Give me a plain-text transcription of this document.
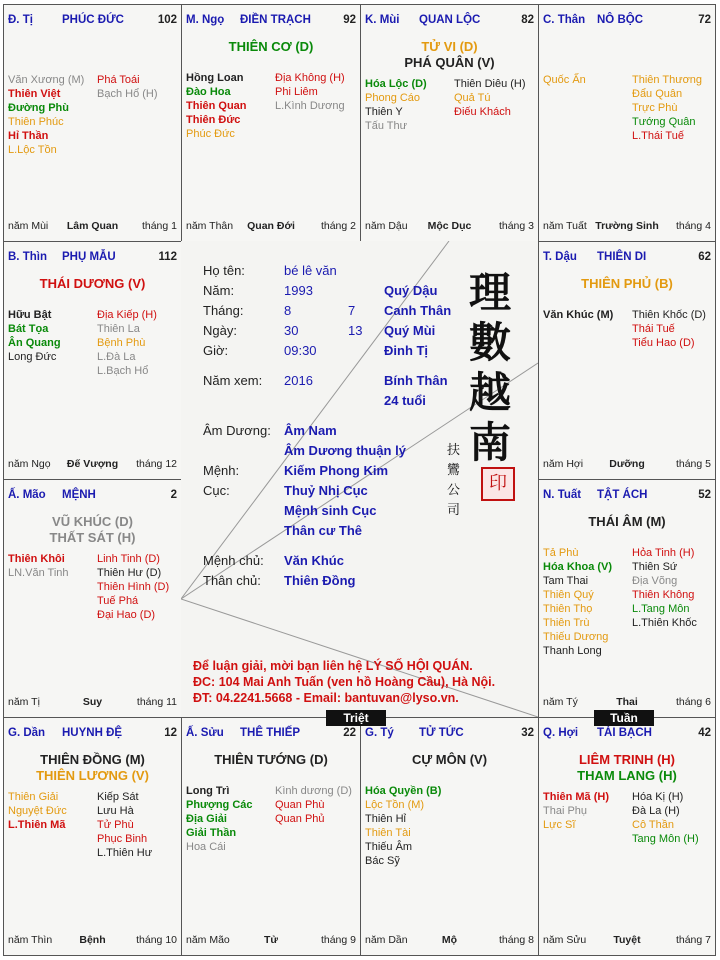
Đ. Tị	PHÚC ĐỨC	102
Văn Xương (M)
Thiên Việt
Đường Phù
Thiên Phúc
Hỉ Thần
L.Lộc Tồn
Phá Toái
Bạch Hổ (H)
năm Mùi	Lâm Quan	tháng 1
M. Ngọ ĐIỀN TRẠCH	92
THIÊN CƠ (D)
Hồng Loan
Đào Hoa
Thiên Quan
Thiên Đức
Phúc Đức
Địa Không (H)
Phi Liêm
L.Kình Dương
năm Thân	Quan Đới	tháng 2
K. Mùi QUAN LỘC	82
TỬ VI (D)
PHÁ QUÂN (V)
Hóa Lộc (D)
Phong Cáo
Thiên Y
Tấu Thư
Thiên Diêu (H)
Quả Tú
Điếu Khách
năm Dậu	Mộc Dục	tháng 3
C. Thân NÔ BỘC	72
Quốc Ấn	Thiên Thương
Đẩu Quân
Trực Phù
Tướng Quân
L.Thái Tuế
năm Tuất Trường Sinh	tháng 4
B. Thìn PHỤ MẪU	112
THÁI DƯƠNG (V)
Hữu Bật
Bát Tọa
Ân Quang
Long Đức
Địa Kiếp (H)
Thiên La
Bệnh Phù
L.Đà La
L.Bạch Hổ
năm Ngọ	Đế Vượng	tháng 12
T. Dậu THIÊN DI	62
THIÊN PHỦ (B)
Văn Khúc (M) Thiên Khốc (D)
Thái Tuế
Tiểu Hao (D)
năm Hợi	Dưỡng	tháng 5
Ấ. Mão MỆNH	2
VŨ KHÚC (D)
THẤT SÁT (H)
Thiên Khôi
LN.Văn Tinh
Linh Tinh (D)
Thiên Hư (D)
Thiên Hình (D)
Tuế Phá
Đại Hao (D)
năm Tị	Suy	tháng 11
N. Tuất TẬT ÁCH	52
THÁI ÂM (M)
Tả Phù
Hóa Khoa (V)
Tam Thai
Thiên Quý
Thiên Thọ
Thiên Trù
Thiếu Dương
Thanh Long
Hỏa Tinh (H)
Thiên Sứ
Địa Võng
Thiên Không
L.Tang Môn
L.Thiên Khốc
năm Tý	Thai	tháng 6
G. Dần HUYNH ĐỆ	12
THIÊN ĐỒNG (M)
THIÊN LƯƠNG (V)
Thiên Giải
Nguyệt Đức
L.Thiên Mã
Kiếp Sát
Lưu Hà
Tử Phù
Phục Binh
L.Thiên Hư
năm Thìn	Bệnh	tháng 10
Ấ. Sửu THÊ THIẾP	22
THIÊN TƯỚNG (D)
Long Trì
Phượng Các
Địa Giải
Giải Thần
Hoa Cái
Kình dương (D)
Quan Phù
Quan Phủ
năm Mão	Tử	tháng 9
G. Tý TỬ TỨC	32
CỰ MÔN (V)
Hóa Quyền (B)
Lộc Tồn (M)
Thiên Hỉ
Thiên Tài
Thiếu Âm
Bác Sỹ
năm Dần	Mộ	tháng 8
Q. Hợi TÀI BẠCH	42
LIÊM TRINH (H)
THAM LANG (H)
Thiên Mã (H)
Thai Phụ
Lực Sĩ
Hóa Kị (H)
Đà La (H)
Cô Thần
Tang Môn (H)
năm Sửu	Tuyệt	tháng 7
Họ tên:	bé lê văn
Năm:	1993	Quý Dậu
Tháng:	8	7 Canh Thân
Ngày:	30	13 Quý Mùi
Giờ:	09:30	Đinh Tị
Năm xem: 2016	Bính Thân
24 tuổi
Âm Dương: Âm Nam
Âm Dương thuận lý
Mệnh:	Kiếm Phong Kim
Cục:	Thuỷ Nhị Cục
Mệnh sinh Cục
Thân cư Thê
Mệnh chủ: Văn Khúc
Thân chủ: Thiên Đồng
理
數
越
南
扶
鸞
公
司
印
Để luận giải, mời bạn liên hệ LÝ SỐ HỘI QUÁN.
ĐC: 104 Mai Anh Tuấn (ven hồ Hoàng Cầu), Hà Nội.
ĐT: 04.2241.5668 - Email: bantuvan@lyso.vn.
Triệt	Tuần
